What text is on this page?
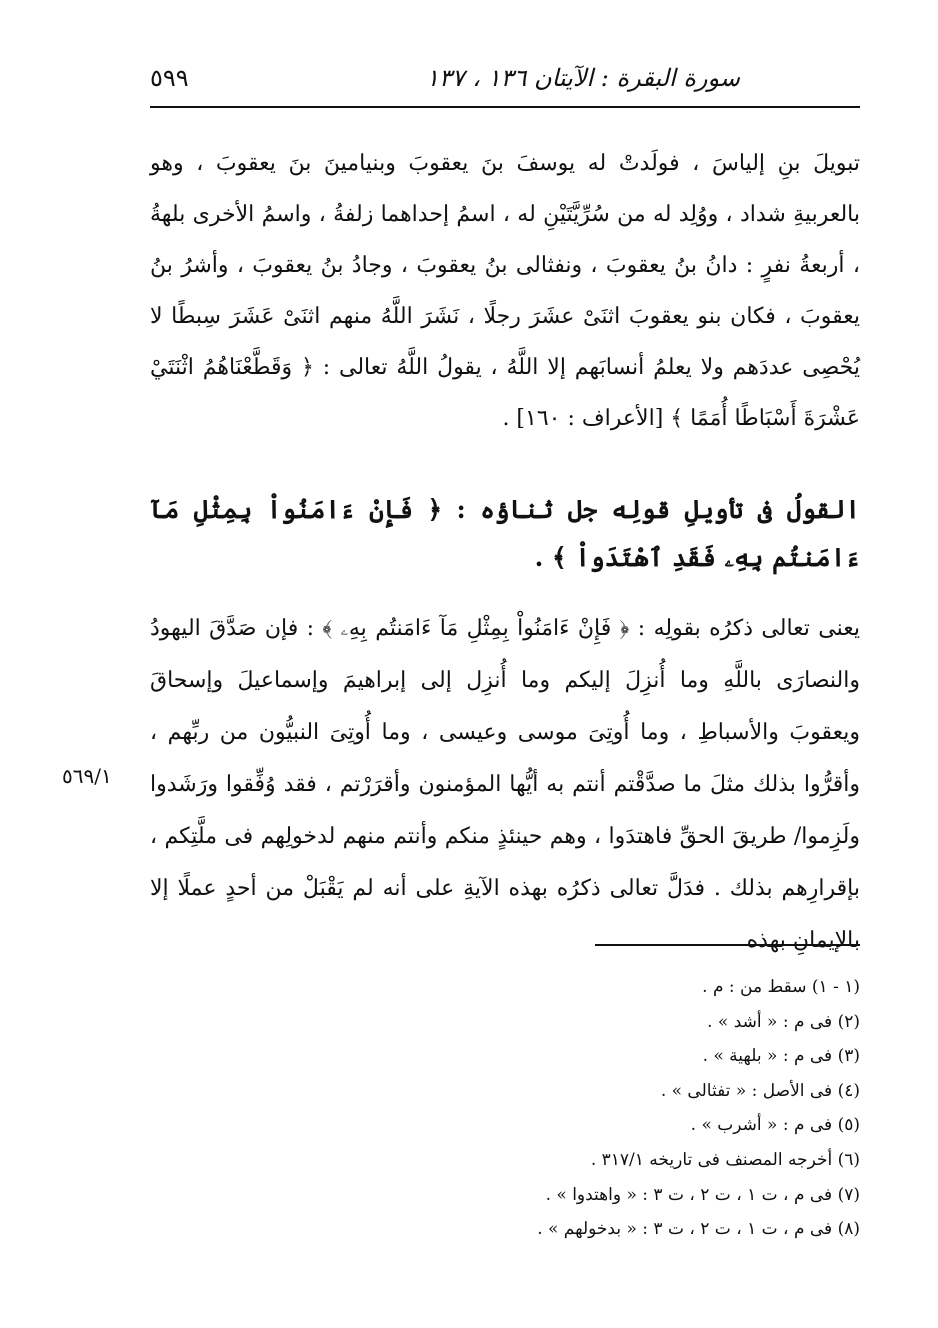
سورة البقرة : الآيتان ١٣٦ ، ١٣٧
٥٩٩

تبويلَ بنِ إلياسَ ، فولَدتْ له يوسفَ بنَ يعقوبَ وبنيامينَ بنَ يعقوبَ ، وهو بالعربيةِ شداد ، ووُلِد له من سُرِّيَّتَيْنِ له ، اسمُ إحداهما زلفةُ ، واسمُ الأخرى بلهةُ ، أربعةُ نفرٍ : دانُ بنُ يعقوبَ ، ونفثالى بنُ يعقوبَ ، وجادُ بنُ يعقوبَ ، وأشرُ بنُ يعقوبَ ، فكان بنو يعقوبَ اثنَىْ عشَرَ رجلًا ، نَشَرَ اللَّهُ منهم اثنَىْ عَشَرَ سِبطًا لا يُحْصِى عددَهم ولا يعلمُ أنسابَهم إلا اللَّهُ ، يقولُ اللَّهُ تعالى : ﴿ وَقَطَّعْنَاهُمُ اثْنَتَيْ عَشْرَةَ أَسْبَاطًا أُمَمًا ﴾ [الأعراف : ١٦٠] .

القولُ فى تأويلِ قولِه جل ثناؤه : ﴿ فَإِنْ ءَامَنُواْ بِمِثْلِ مَآ ءَامَنتُم بِهِۦ فَقَدِ ٱهْتَدَواْ ﴾ .

يعنى تعالى ذكرُه بقولِه : ﴿ فَإِنْ ءَامَنُواْ بِمِثْلِ مَآ ءَامَنتُم بِهِۦ ﴾ : فإن صَدَّقَ اليهودُ والنصارَى باللَّهِ وما أُنزِلَ إليكم وما أُنزِل إلى إبراهيمَ وإسماعيلَ وإسحاقَ ويعقوبَ والأسباطِ ، وما أُوتِىَ موسى وعيسى ، وما أُوتِىَ النبيُّون من ربِّهم ، وأقرُّوا بذلك مثلَ ما صدَّقْتم أنتم به أيُّها المؤمنون وأقرَرْتم ، فقد وُفِّقوا ورَشَدوا ولَزِموا/ طريقَ الحقِّ فاهتدَوا ، وهم حينئذٍ منكم وأنتم منهم لدخولِهم فى ملَّتِكم ، بإقرارِهم بذلك . فدَلَّ تعالى ذكرُه بهذه الآيةِ على أنه لم يَقْبَلْ من أحدٍ عملًا إلا بالإيمانِ بهذه

٥٦٩/١

(١ - ١) سقط من : م .

(٢) فى م : « أشد » .

(٣) فى م : « بلهية » .

(٤) فى الأصل : « تفثالى » .

(٥) فى م : « أشرب » .

(٦) أخرجه المصنف فى تاريخه ٣١٧/١ .

(٧) فى م ، ت ١ ، ت ٢ ، ت ٣ : « واهتدوا » .

(٨) فى م ، ت ١ ، ت ٢ ، ت ٣ : « بدخولهم » .
